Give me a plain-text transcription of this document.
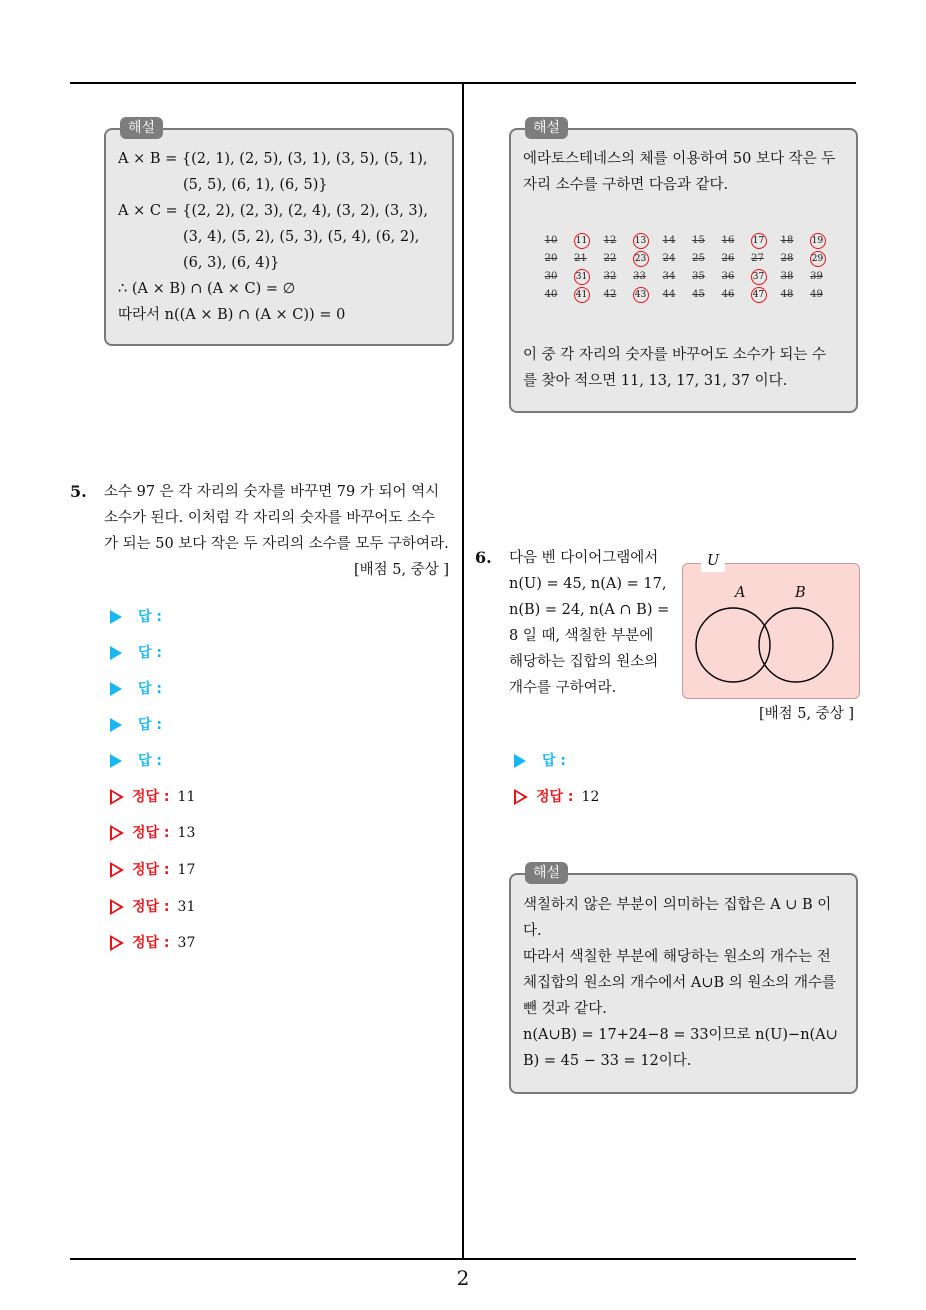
해설
A × B = {(2, 1), (2, 5), (3, 1), (3, 5), (5, 1),
(5, 5), (6, 1), (6, 5)}
A × C = {(2, 2), (2, 3), (2, 4), (3, 2), (3, 3),
(3, 4), (5, 2), (5, 3), (5, 4), (6, 2),
(6, 3), (6, 4)}
∴ (A × B) ∩ (A × C) = ∅
따라서 n((A × B) ∩ (A × C)) = 0
5. 소수 97 은 각 자리의 숫자를 바꾸면 79 가 되어 역시
소수가 된다. 이처럼 각 자리의 숫자를 바꾸어도 소수
가 되는 50 보다 작은 두 자리의 소수를 모두 구하여라.
[배점 5, 중상 ]
답 :
답 :
답 :
답 :
답 :
정답 : 11
정답 : 13
정답 : 17
정답 : 31
정답 : 37
해설
에라토스테네스의 체를 이용하여 50 보다 작은 두
자리 소수를 구하면 다음과 같다.
10	11	12	13	14	15	16	17	18	19
20	21	22	23	24	25	26	27	28	29
30	31	32	33	34	35	36	37	38	39
40	41	42	43	44	45	46	47	48	49
이 중 각 자리의 숫자를 바꾸어도 소수가 되는 수
를 찾아 적으면 11, 13, 17, 31, 37 이다.
6. 다음 벤 다이어그램에서
n(U) = 45, n(A) = 17,
n(B) = 24, n(A ∩ B) =
8 일 때, 색칠한 부분에
해당하는 집합의 원소의
개수를 구하여라.
U
A	B
[배점 5, 중상 ]
답 :
정답 : 12
해설
색칠하지 않은 부분이 의미하는 집합은 A ∪ B 이
다.
따라서 색칠한 부분에 해당하는 원소의 개수는 전
체집합의 원소의 개수에서 A∪B 의 원소의 개수를
뺀 것과 같다.
n(A∪B) = 17+24−8 = 33이므로 n(U)−n(A∪
B) = 45 − 33 = 12이다.
2
